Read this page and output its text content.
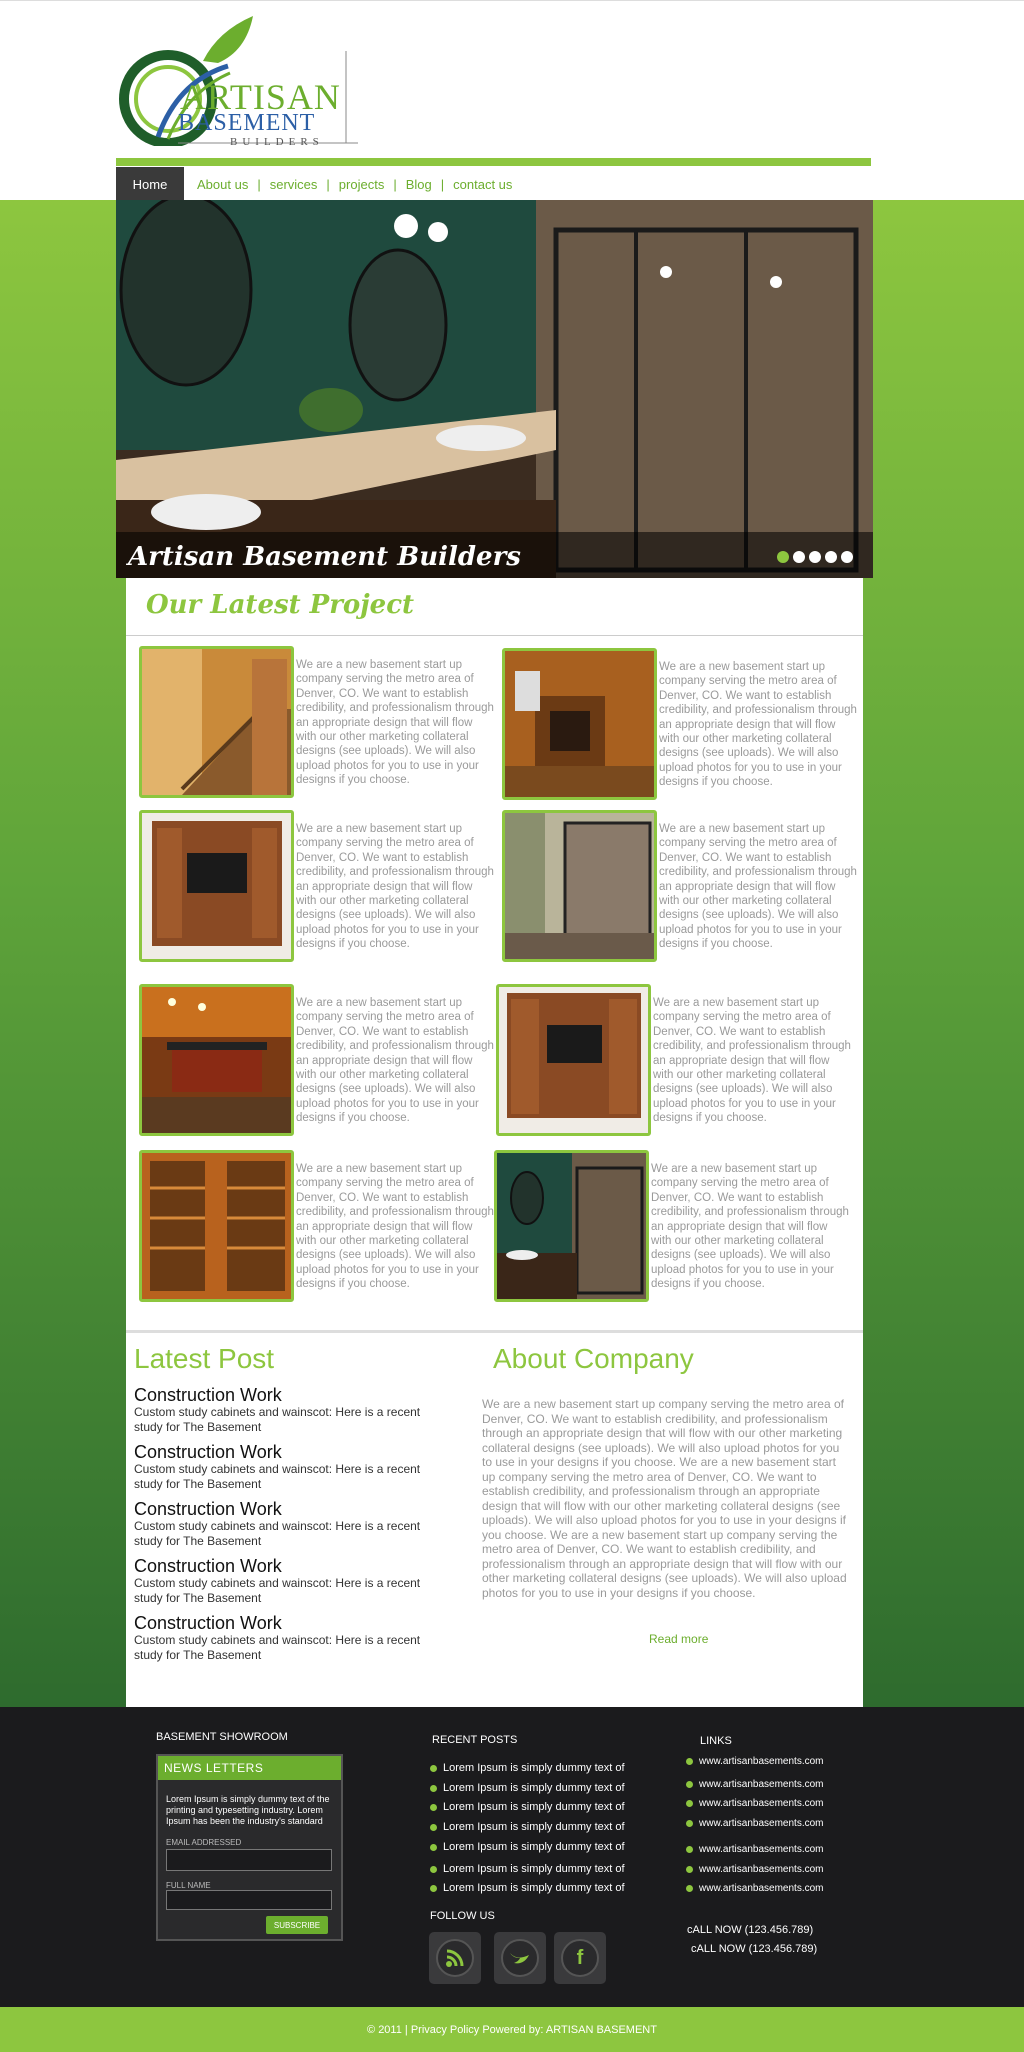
ARTISAN
BASEMENT
BUILDERS
Home	About us | services | projects | Blog | contact us
Artisan Basement Builders
Our Latest Project
We are a new basement start up company serving the metro area of Denver, CO. We want to establish credibility, and professionalism through an appropriate design that will flow with our other marketing collateral designs (see uploads). We will also upload photos for you to use in your designs if you choose.
We are a new basement start up company serving the metro area of Denver, CO. We want to establish credibility, and professionalism through an appropriate design that will flow with our other marketing collateral designs (see uploads). We will also upload photos for you to use in your designs if you choose.
We are a new basement start up company serving the metro area of Denver, CO. We want to establish credibility, and professionalism through an appropriate design that will flow with our other marketing collateral designs (see uploads). We will also upload photos for you to use in your designs if you choose.
We are a new basement start up company serving the metro area of Denver, CO. We want to establish credibility, and professionalism through an appropriate design that will flow with our other marketing collateral designs (see uploads). We will also upload photos for you to use in your designs if you choose.
We are a new basement start up company serving the metro area of Denver, CO. We want to establish credibility, and professionalism through an appropriate design that will flow with our other marketing collateral designs (see uploads). We will also upload photos for you to use in your designs if you choose.
We are a new basement start up company serving the metro area of Denver, CO. We want to establish credibility, and professionalism through an appropriate design that will flow with our other marketing collateral designs (see uploads). We will also upload photos for you to use in your designs if you choose.
We are a new basement start up company serving the metro area of Denver, CO. We want to establish credibility, and professionalism through an appropriate design that will flow with our other marketing collateral designs (see uploads). We will also upload photos for you to use in your designs if you choose.
We are a new basement start up company serving the metro area of Denver, CO. We want to establish credibility, and professionalism through an appropriate design that will flow with our other marketing collateral designs (see uploads). We will also upload photos for you to use in your designs if you choose.
Latest Post
Construction Work
Custom study cabinets and wainscot: Here is a recent study for The Basement
Construction Work
Custom study cabinets and wainscot: Here is a recent study for The Basement
Construction Work
Custom study cabinets and wainscot: Here is a recent study for The Basement
Construction Work
Custom study cabinets and wainscot: Here is a recent study for The Basement
Construction Work
Custom study cabinets and wainscot: Here is a recent study for The Basement
About Company
We are a new basement start up company serving the metro area of Denver, CO. We want to establish credibility, and professionalism through an appropriate design that will flow with our other marketing collateral designs (see uploads). We will also upload photos for you to use in your designs if you choose. We are a new basement start up company serving the metro area of Denver, CO. We want to establish credibility, and professionalism through an appropriate design that will flow with our other marketing collateral designs (see uploads). We will also upload photos for you to use in your designs if you choose. We are a new basement start up company serving the metro area of Denver, CO. We want to establish credibility, and professionalism through an appropriate design that will flow with our other marketing collateral designs (see uploads). We will also upload photos for you to use in your designs if you choose.
Read more
BASEMENT SHOWROOM
NEWS LETTERS
Lorem Ipsum is simply dummy text of the printing and typesetting industry. Lorem Ipsum has been the industry's standard
EMAIL ADDRESSED
FULL NAME
SUBSCRIBE
RECENT POSTS
Lorem Ipsum is simply dummy text of
Lorem Ipsum is simply dummy text of
Lorem Ipsum is simply dummy text of
Lorem Ipsum is simply dummy text of
Lorem Ipsum is simply dummy text of
Lorem Ipsum is simply dummy text of
Lorem Ipsum is simply dummy text of
FOLLOW US
f
LINKS
www.artisanbasements.com
www.artisanbasements.com
www.artisanbasements.com
www.artisanbasements.com
www.artisanbasements.com
www.artisanbasements.com
www.artisanbasements.com
cALL NOW (123.456.789)
cALL NOW (123.456.789)
© 2011 | Privacy Policy Powered by: ARTISAN BASEMENT
